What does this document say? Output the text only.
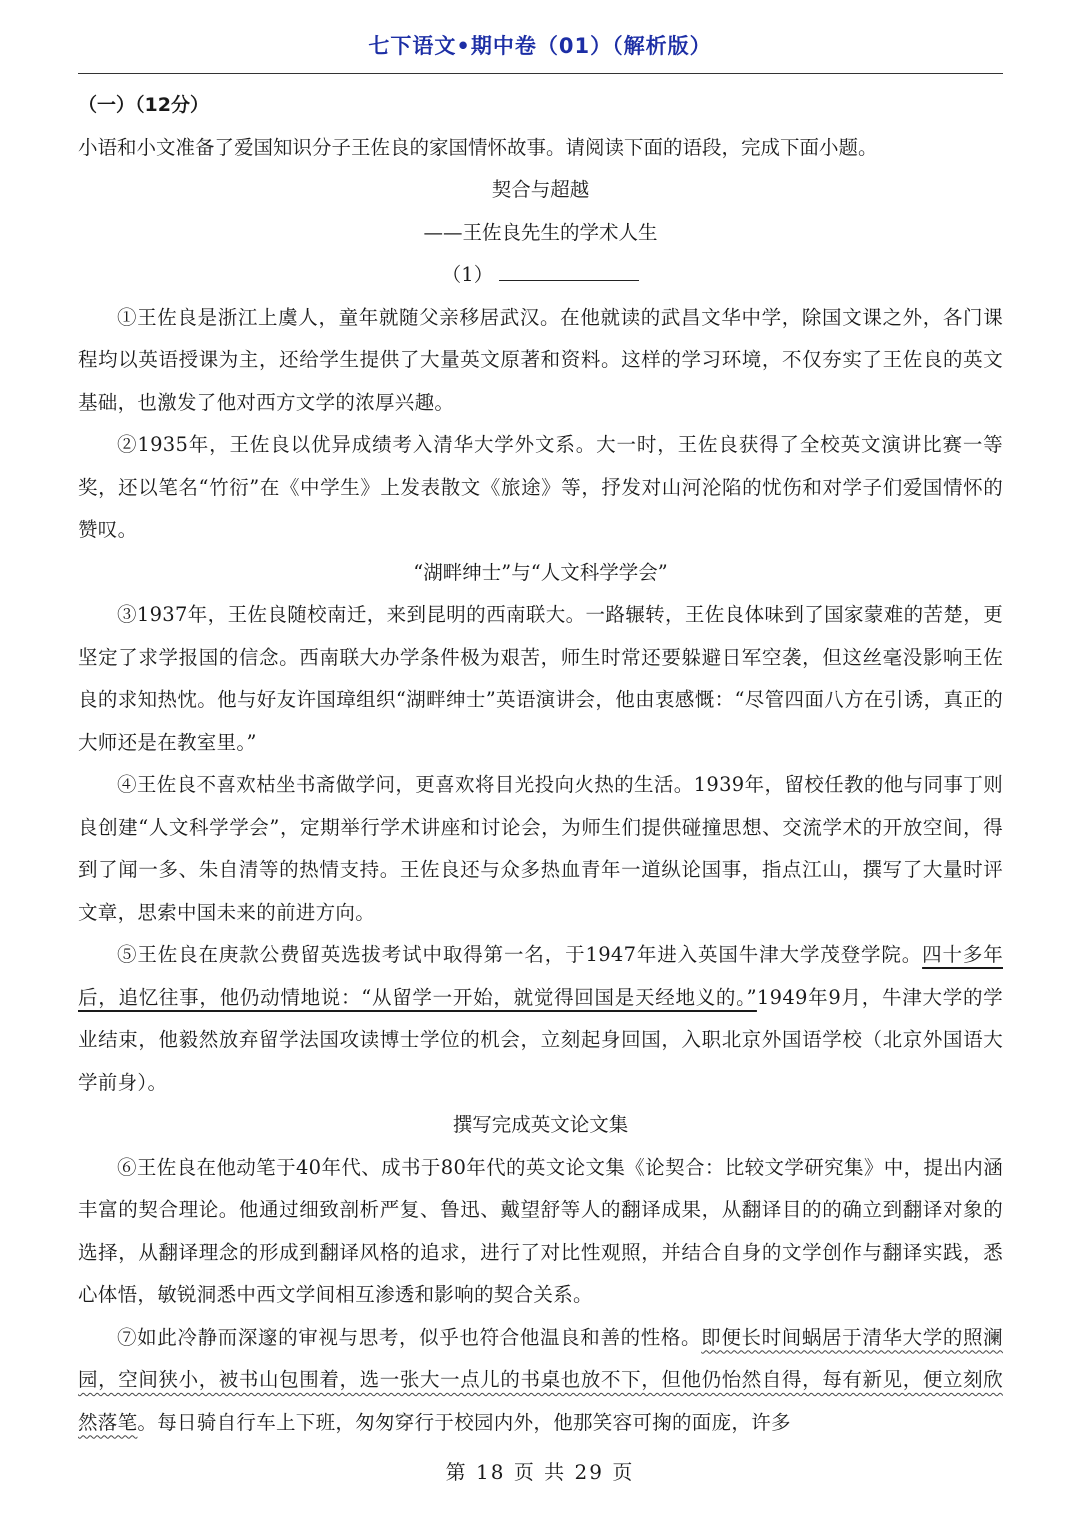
七下语文•期中卷（01）（解析版）
（一）（12分）
小语和小文准备了爱国知识分子王佐良的家国情怀故事。请阅读下面的语段，完成下面小题。
契合与超越
——王佐良先生的学术人生
（1）
①王佐良是浙江上虞人，童年就随父亲移居武汉。在他就读的武昌文华中学，除国文课之外，各门课程均以英语授课为主，还给学生提供了大量英文原著和资料。这样的学习环境，不仅夯实了王佐良的英文基础，也激发了他对西方文学的浓厚兴趣。
②1935年，王佐良以优异成绩考入清华大学外文系。大一时，王佐良获得了全校英文演讲比赛一等奖，还以笔名“竹衍”在《中学生》上发表散文《旅途》等，抒发对山河沦陷的忧伤和对学子们爱国情怀的赞叹。
“湖畔绅士”与“人文科学学会”
③1937年，王佐良随校南迁，来到昆明的西南联大。一路辗转，王佐良体味到了国家蒙难的苦楚，更坚定了求学报国的信念。西南联大办学条件极为艰苦，师生时常还要躲避日军空袭，但这丝毫没影响王佐良的求知热忱。他与好友许国璋组织“湖畔绅士”英语演讲会，他由衷感慨：“尽管四面八方在引诱，真正的大师还是在教室里。”
④王佐良不喜欢枯坐书斋做学问，更喜欢将目光投向火热的生活。1939年，留校任教的他与同事丁则良创建“人文科学学会”，定期举行学术讲座和讨论会，为师生们提供碰撞思想、交流学术的开放空间，得到了闻一多、朱自清等的热情支持。王佐良还与众多热血青年一道纵论国事，指点江山，撰写了大量时评文章，思索中国未来的前进方向。
⑤王佐良在庚款公费留英选拔考试中取得第一名，于1947年进入英国牛津大学茂登学院。四十多年后，追忆往事，他仍动情地说：“从留学一开始，就觉得回国是天经地义的。”1949年9月，牛津大学的学业结束，他毅然放弃留学法国攻读博士学位的机会，立刻起身回国，入职北京外国语学校（北京外国语大学前身）。
撰写完成英文论文集
⑥王佐良在他动笔于40年代、成书于80年代的英文论文集《论契合：比较文学研究集》中，提出内涵丰富的契合理论。他通过细致剖析严复、鲁迅、戴望舒等人的翻译成果，从翻译目的的确立到翻译对象的选择，从翻译理念的形成到翻译风格的追求，进行了对比性观照，并结合自身的文学创作与翻译实践，悉心体悟，敏锐洞悉中西文学间相互渗透和影响的契合关系。
⑦如此冷静而深邃的审视与思考，似乎也符合他温良和善的性格。即便长时间蜗居于清华大学的照澜园，空间狭小，被书山包围着，选一张大一点儿的书桌也放不下，但他仍怡然自得，每有新见，便立刻欣然落笔。每日骑自行车上下班，匆匆穿行于校园内外，他那笑容可掬的面庞，许多
第 18 页 共 29 页
